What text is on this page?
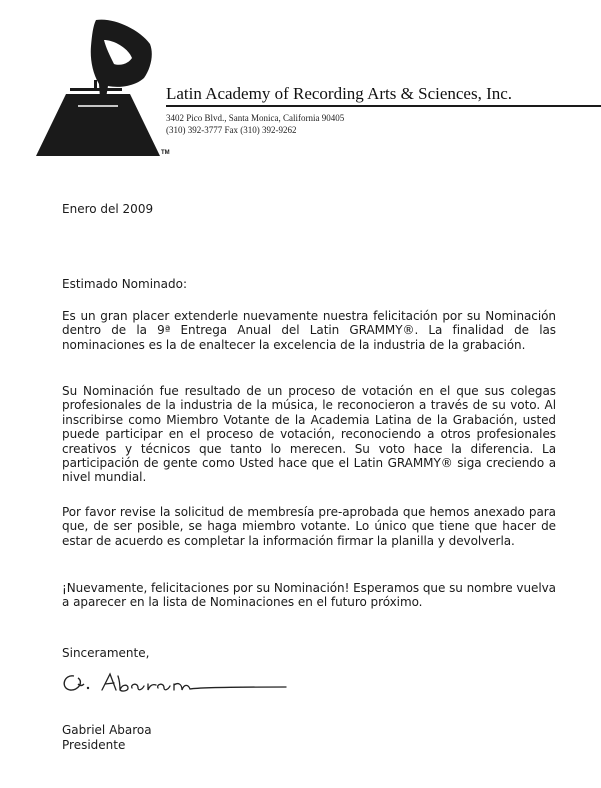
TM
Latin Academy of Recording Arts & Sciences, Inc.
3402 Pico Blvd., Santa Monica, California 90405
(310) 392-3777 Fax (310) 392-9262
Enero del 2009
Estimado Nominado:

Es un gran placer extenderle nuevamente nuestra felicitación por su Nominación dentro de la 9ª Entrega Anual del Latin GRAMMY®. La finalidad de las nominaciones es la de enaltecer la excelencia de la industria de la grabación.

Su Nominación fue resultado de un proceso de votación en el que sus colegas profesionales de la industria de la música, le reconocieron a través de su voto. Al inscribirse como Miembro Votante de la Academia Latina de la Grabación, usted puede participar en el proceso de votación, reconociendo a otros profesionales creativos y técnicos que tanto lo merecen. Su voto hace la diferencia. La participación de gente como Usted hace que el Latin GRAMMY® siga creciendo a nivel mundial.

Por favor revise la solicitud de membresía pre-aprobada que hemos anexado para que, de ser posible, se haga miembro votante. Lo único que tiene que hacer de estar de acuerdo es completar la información firmar la planilla y devolverla.

¡Nuevamente, felicitaciones por su Nominación! Esperamos que su nombre vuelva a aparecer en la lista de Nominaciones en el futuro próximo.

Sinceramente,
Gabriel Abaroa
Presidente
